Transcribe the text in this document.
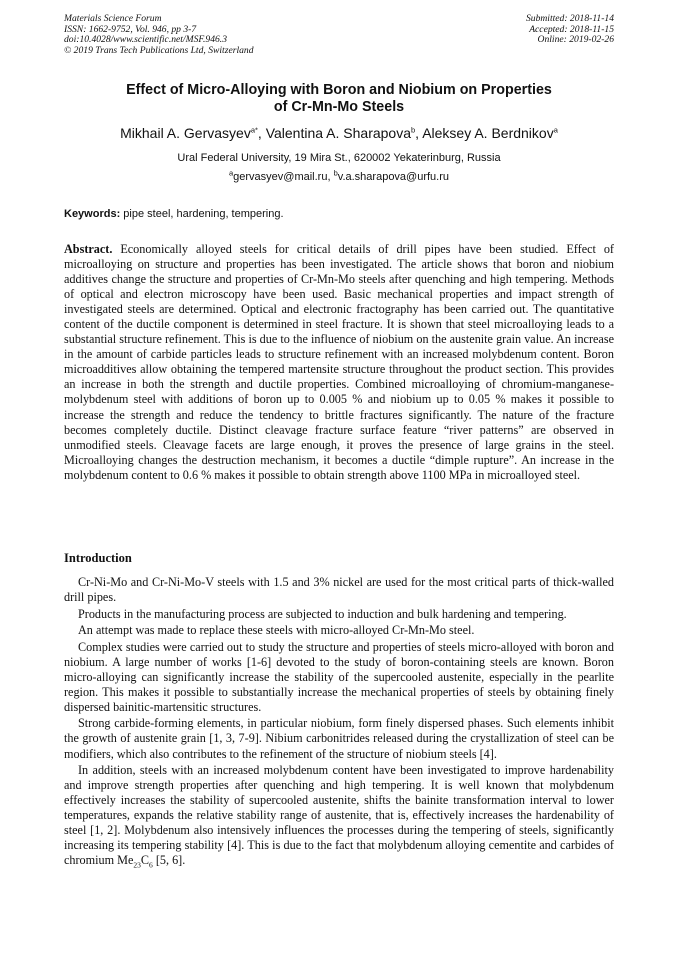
Materials Science Forum
ISSN: 1662-9752, Vol. 946, pp 3-7
doi:10.4028/www.scientific.net/MSF.946.3
© 2019 Trans Tech Publications Ltd, Switzerland
Submitted: 2018-11-14
Accepted: 2018-11-15
Online: 2019-02-26
Effect of Micro-Alloying with Boron and Niobium on Properties
of Cr-Mn-Mo Steels
Mikhail A. Gervasyev$^{a*}$, Valentina A. Sharapova$^b$, Aleksey A. Berdnikov$^a$
Ural Federal University, 19 Mira St., 620002 Yekaterinburg, Russia
$^a$gervasyev@mail.ru, $^b$v.a.sharapova@urfu.ru
Keywords: pipe steel, hardening, tempering.
Abstract. Economically alloyed steels for critical details of drill pipes have been studied. Effect of microalloying on structure and properties has been investigated. The article shows that boron and niobium additives change the structure and properties of Cr-Mn-Mo steels after quenching and high tempering. Methods of optical and electron microscopy have been used. Basic mechanical properties and impact strength of investigated steels are determined. Optical and electronic fractography has been carried out. The quantitative content of the ductile component is determined in steel fracture. It is shown that steel microalloying leads to a substantial structure refinement. This is due to the influence of niobium on the austenite grain value. An increase in the amount of carbide particles leads to structure refinement with an increased molybdenum content. Boron microadditives allow obtaining the tempered martensite structure throughout the product section. This provides an increase in both the strength and ductile properties. Combined microalloying of chromium-manganese-molybdenum steel with additions of boron up to 0.005 % and niobium up to 0.05 % makes it possible to increase the strength and reduce the tendency to brittle fractures significantly. The nature of the fracture becomes completely ductile. Distinct cleavage fracture surface feature “river patterns” are observed in unmodified steels. Cleavage facets are large enough, it proves the presence of large grains in the steel. Microalloying changes the destruction mechanism, it becomes a ductile “dimple rupture”. An increase in the molybdenum content to 0.6 % makes it possible to obtain strength above 1100 MPa in microalloyed steel.
Introduction

Cr-Ni-Mo and Cr-Ni-Mo-V steels with 1.5 and 3% nickel are used for the most critical parts of thick-walled drill pipes.

Products in the manufacturing process are subjected to induction and bulk hardening and tempering.

An attempt was made to replace these steels with micro-alloyed Cr-Mn-Mo steel.

Complex studies were carried out to study the structure and properties of steels micro-alloyed with boron and niobium. A large number of works [1-6] devoted to the study of boron-containing steels are known. Boron micro-alloying can significantly increase the stability of the supercooled austenite, especially in the pearlite region. This makes it possible to substantially increase the mechanical properties of steels by obtaining finely dispersed bainitic-martensitic structures.

Strong carbide-forming elements, in particular niobium, form finely dispersed phases. Such elements inhibit the growth of austenite grain [1, 3, 7-9]. Nibium carbonitrides released during the crystallization of steel can be modifiers, which also contributes to the refinement of the structure of niobium steels [4].

In addition, steels with an increased molybdenum content have been investigated to improve hardenability and improve strength properties after quenching and high tempering. It is well known that molybdenum effectively increases the stability of supercooled austenite, shifts the bainite transformation interval to lower temperatures, expands the relative stability range of austenite, that is, effectively increases the hardenability of steel [1, 2]. Molybdenum also intensively influences the processes during the tempering of steels, significantly increasing its tempering stability [4]. This is due to the fact that molybdenum alloying cementite and carbides of chromium $Me_{23}C_6$ [5, 6].
